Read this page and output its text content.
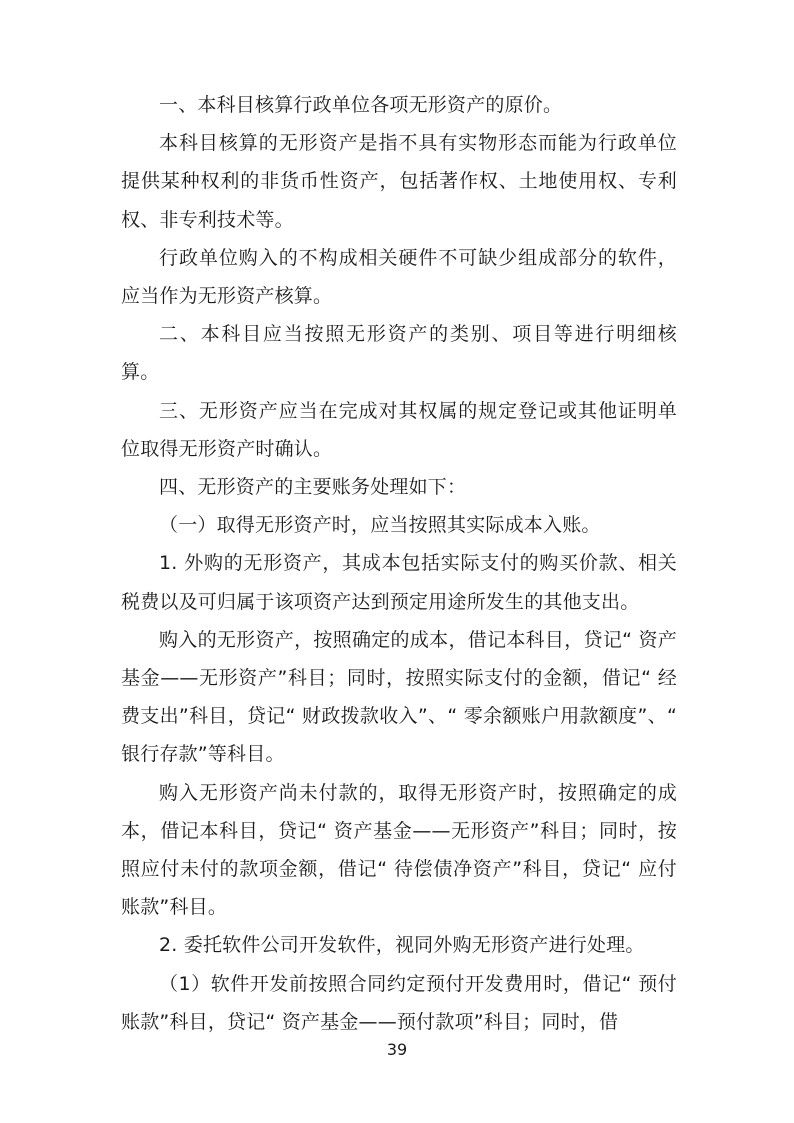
一、本科目核算行政单位各项无形资产的原价。

本科目核算的无形资产是指不具有实物形态而能为行政单位提供某种权利的非货币性资产，包括著作权、土地使用权、专利权、非专利技术等。

行政单位购入的不构成相关硬件不可缺少组成部分的软件，应当作为无形资产核算。

二、本科目应当按照无形资产的类别、项目等进行明细核算。

三、无形资产应当在完成对其权属的规定登记或其他证明单位取得无形资产时确认。

四、无形资产的主要账务处理如下：

（一）取得无形资产时，应当按照其实际成本入账。

1. 外购的无形资产，其成本包括实际支付的购买价款、相关税费以及可归属于该项资产达到预定用途所发生的其他支出。

购入的无形资产，按照确定的成本，借记本科目，贷记“ 资产基金——无形资产”科目；同时，按照实际支付的金额，借记“ 经费支出”科目，贷记“ 财政拨款收入”、“ 零余额账户用款额度”、“ 银行存款”等科目。

购入无形资产尚未付款的，取得无形资产时，按照确定的成本，借记本科目，贷记“ 资产基金——无形资产”科目；同时，按照应付未付的款项金额，借记“ 待偿债净资产”科目，贷记“ 应付账款”科目。

2. 委托软件公司开发软件，视同外购无形资产进行处理。

（1）软件开发前按照合同约定预付开发费用时，借记“ 预付账款”科目，贷记“ 资产基金——预付款项”科目；同时，借

39
